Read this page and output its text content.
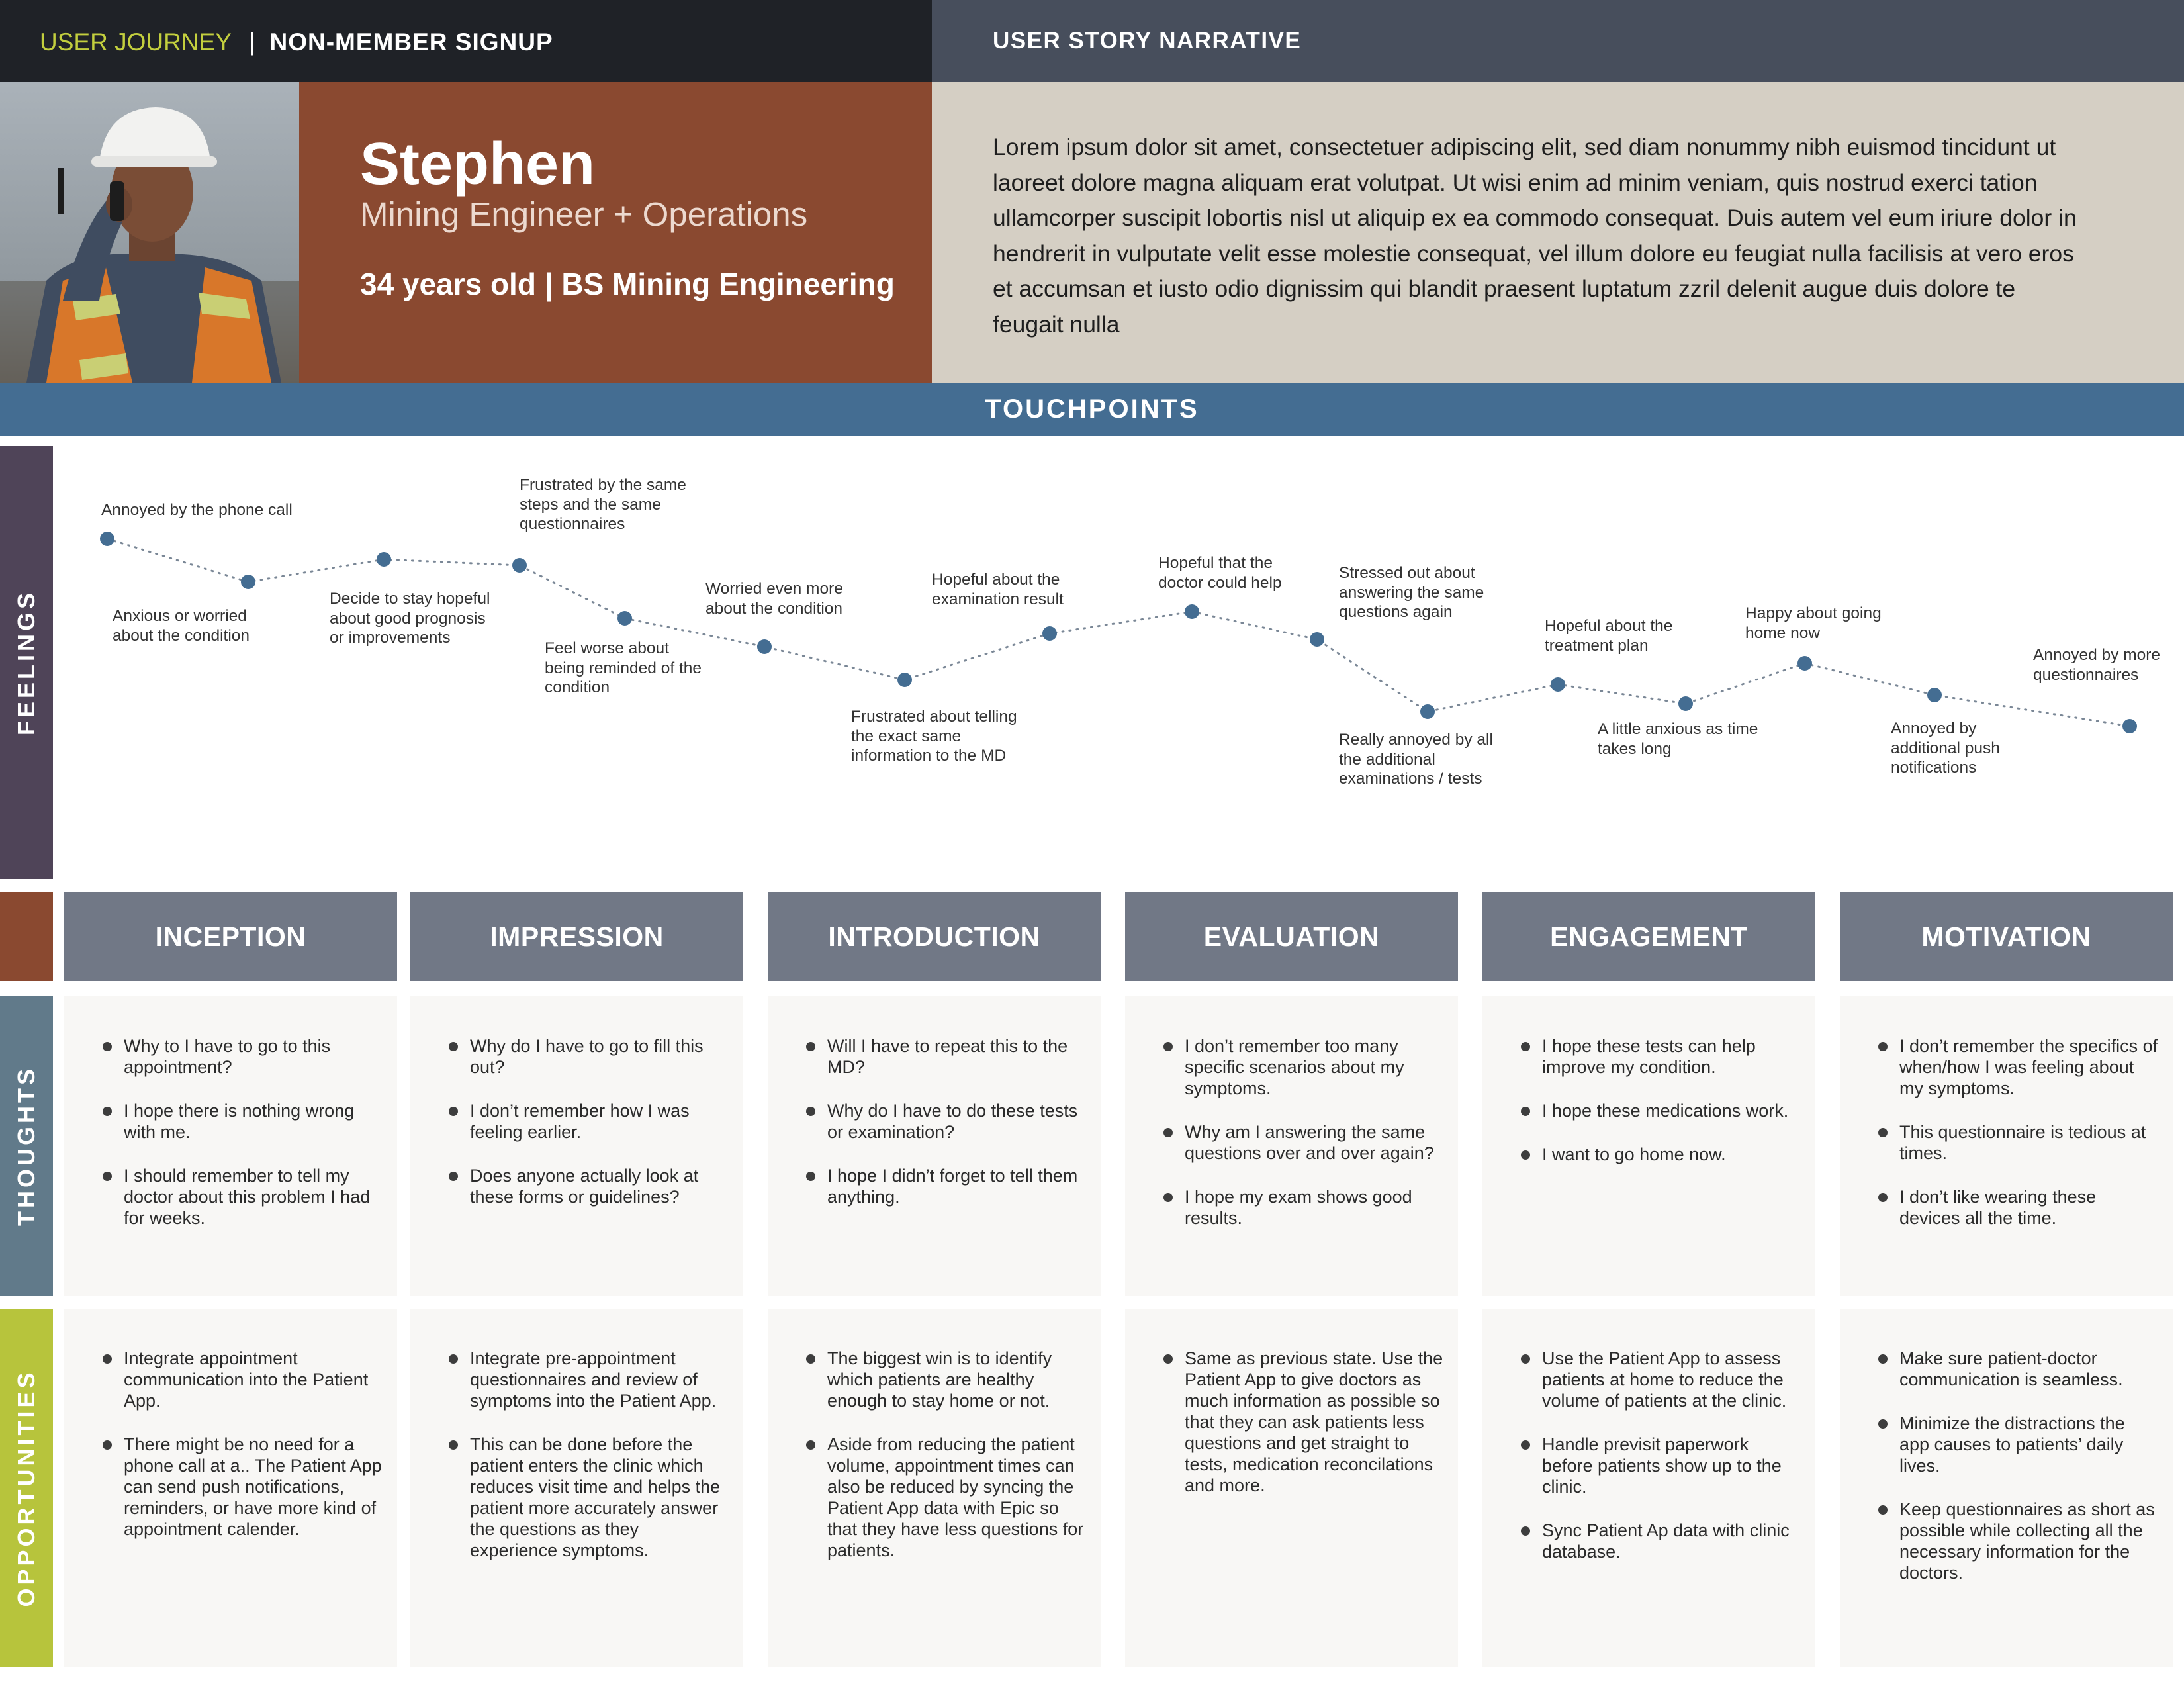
USER JOURNEY | NON-MEMBER SIGNUP	USER STORY NARRATIVE
Stephen
Mining Engineer + Operations
34 years old | BS Mining Engineering
Lorem ipsum dolor sit amet, consectetuer adipiscing elit, sed diam nonummy nibh euismod tincidunt ut laoreet dolore magna aliquam erat volutpat. Ut wisi enim ad minim veniam, quis nostrud exerci tation ullamcorper suscipit lobortis nisl ut aliquip ex ea commodo consequat. Duis autem vel eum iriure dolor in hendrerit in vulputate velit esse molestie consequat, vel illum dolore eu feugiat nulla facilisis at vero eros et accumsan et iusto odio dignissim qui blandit praesent luptatum zzril delenit augue duis dolore te feugait nulla
TOUCHPOINTS
FEELINGS
THOUGHTS
OPPORTUNITIES
Annoyed by the phone call
Anxious or worried about the condition
Decide to stay hopeful about good prognosis or improvements
Frustrated by the same steps and the same questionnaires
Feel worse about being reminded of the condition
Worried even more about the condition
Frustrated about telling the exact same information to the MD
Hopeful about the examination result
Hopeful that the doctor could help
Stressed out about answering the same questions again
Really annoyed by all the additional examinations / tests
Hopeful about the treatment plan
A little anxious as time takes long
Happy about going home now
Annoyed by additional push notifications
Annoyed by more questionnaires
INCEPTION
Why to I have to go to this appointment?
I hope there is nothing wrong with me.
I should remember to tell my doctor about this problem I had for weeks.
Integrate appointment communication into the Patient App.
There might be no need for a phone call at a.. The Patient App can send push notifications, reminders, or have more kind of appointment calender.
IMPRESSION
Why do I have to go to fill this out?
I don’t remember how I was feeling earlier.
Does anyone actually look at these forms or guidelines?
Integrate pre-appointment questionnaires and review of symptoms into the Patient App.
This can be done before the patient enters the clinic which reduces visit time and helps the patient more accurately answer the questions as they experience symptoms.
INTRODUCTION
Will I have to repeat this to the MD?
Why do I have to do these tests or examination?
I hope I didn’t forget to tell them anything.
The biggest win is to identify which patients are healthy enough to stay home or not.
Aside from reducing the patient volume, appointment times can also be reduced by syncing the Patient App data with Epic so that they have less questions for patients.
EVALUATION
I don’t remember too many specific scenarios about my symptoms.
Why am I answering the same questions over and over again?
I hope my exam shows good results.
Same as previous state. Use the Patient App to give doctors as much information as possible so that they can ask patients less questions and get straight to tests, medication reconcilations and more.
ENGAGEMENT
I hope these tests can help improve my condition.
I hope these medications work.
I want to go home now.
Use the Patient App to assess patients at home to reduce the volume of patients at the clinic.
Handle previsit paperwork before patients show up to the clinic.
Sync Patient Ap data with clinic database.
MOTIVATION
I don’t remember the specifics of when/how I was feeling about my symptoms.
This questionnaire is tedious at times.
I don’t like wearing these devices all the time.
Make sure patient-doctor communication is seamless.
Minimize the distractions the app causes to patients’ daily lives.
Keep questionnaires as short as possible while collecting all the necessary information for the doctors.
